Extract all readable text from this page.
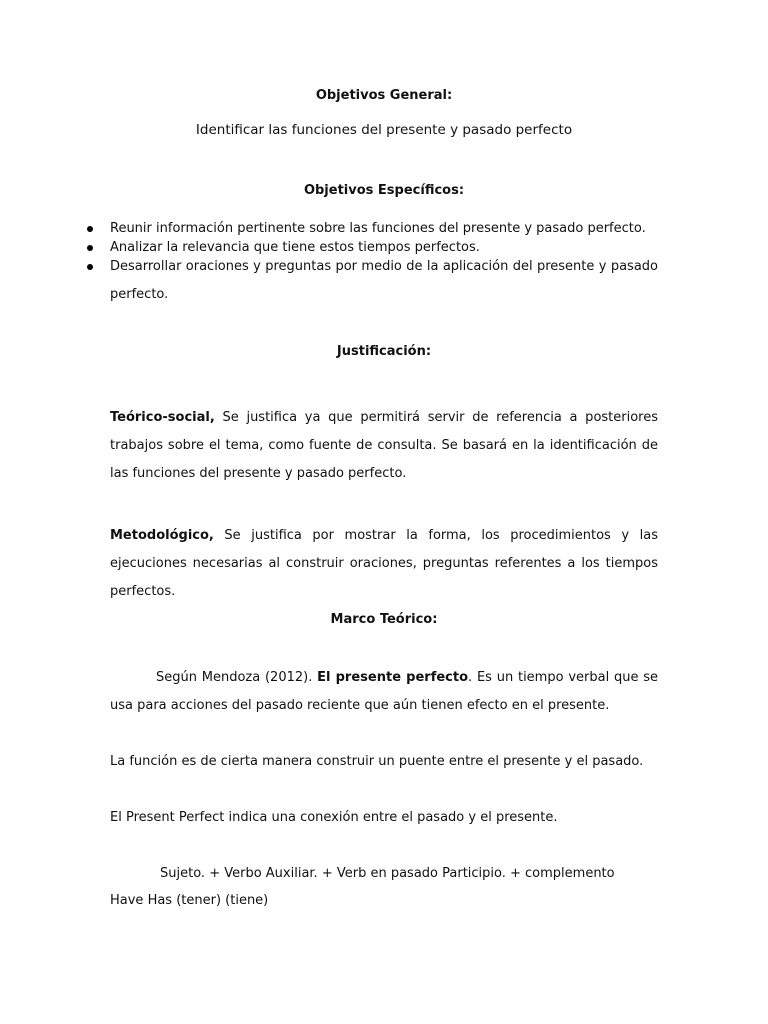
Objetivos General:
Identificar las funciones del presente y pasado perfecto
Objetivos Específicos:
Reunir información pertinente sobre las funciones del presente y pasado perfecto.
Analizar la relevancia que tiene estos tiempos perfectos.
Desarrollar oraciones y preguntas por medio de la aplicación del presente y pasado perfecto.
Justificación:
Teórico-social, Se justifica ya que permitirá servir de referencia a posteriores trabajos sobre el tema, como fuente de consulta. Se basará en la identificación de las funciones del presente y pasado perfecto.
Metodológico, Se justifica por mostrar la forma, los procedimientos y las ejecuciones necesarias al construir oraciones, preguntas referentes a los tiempos perfectos.
Marco Teórico:
Según Mendoza (2012). El presente perfecto. Es un tiempo verbal que se usa para acciones del pasado reciente que aún tienen efecto en el presente.
La función es de cierta manera construir un puente entre el presente y el pasado.
El Present Perfect indica una conexión entre el pasado y el presente.
Sujeto. + Verbo Auxiliar. + Verb en pasado Participio. + complemento
Have Has (tener) (tiene)
